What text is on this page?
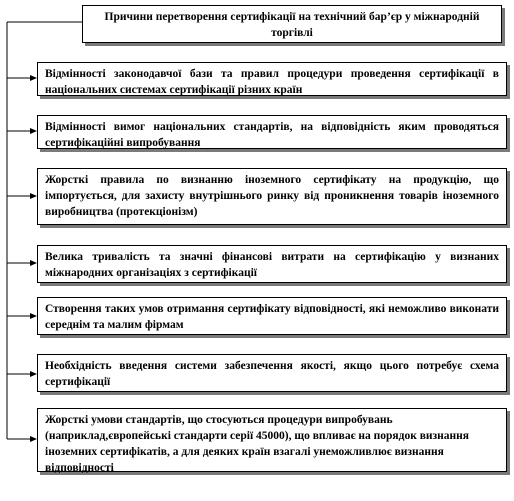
Причини перетворення сертифікації на технічний бар’єр у міжнародній торгівлі
Відмінності законодавчої бази та правил процедури проведення сертифікації в національних системах сертифікації різних країн
Відмінності вимог національних стандартів, на відповідність яким проводяться сертифікаційні випробування
Жорсткі правила по визнанню іноземного сертифікату на продукцію, що імпортується, для захисту внутрішнього ринку від проникнення товарів іноземного виробництва (протекціонізм)
Велика тривалість та значні фінансові витрати на сертифікацію у визнаних міжнародних організаціях з сертифікації
Створення таких умов отримання сертифікату відповідності, які неможливо виконати середнім та малим фірмам
Необхідність введення системи забезпечення якості, якщо цього потребує схема сертифікації
Жорсткі умови стандартів, що стосуються процедури випробувань (наприклад,європейські стандарти серії 45000), що впливає на порядок визнання іноземних сертифікатів, а для деяких країн взагалі унеможливлює визнання відповідності
